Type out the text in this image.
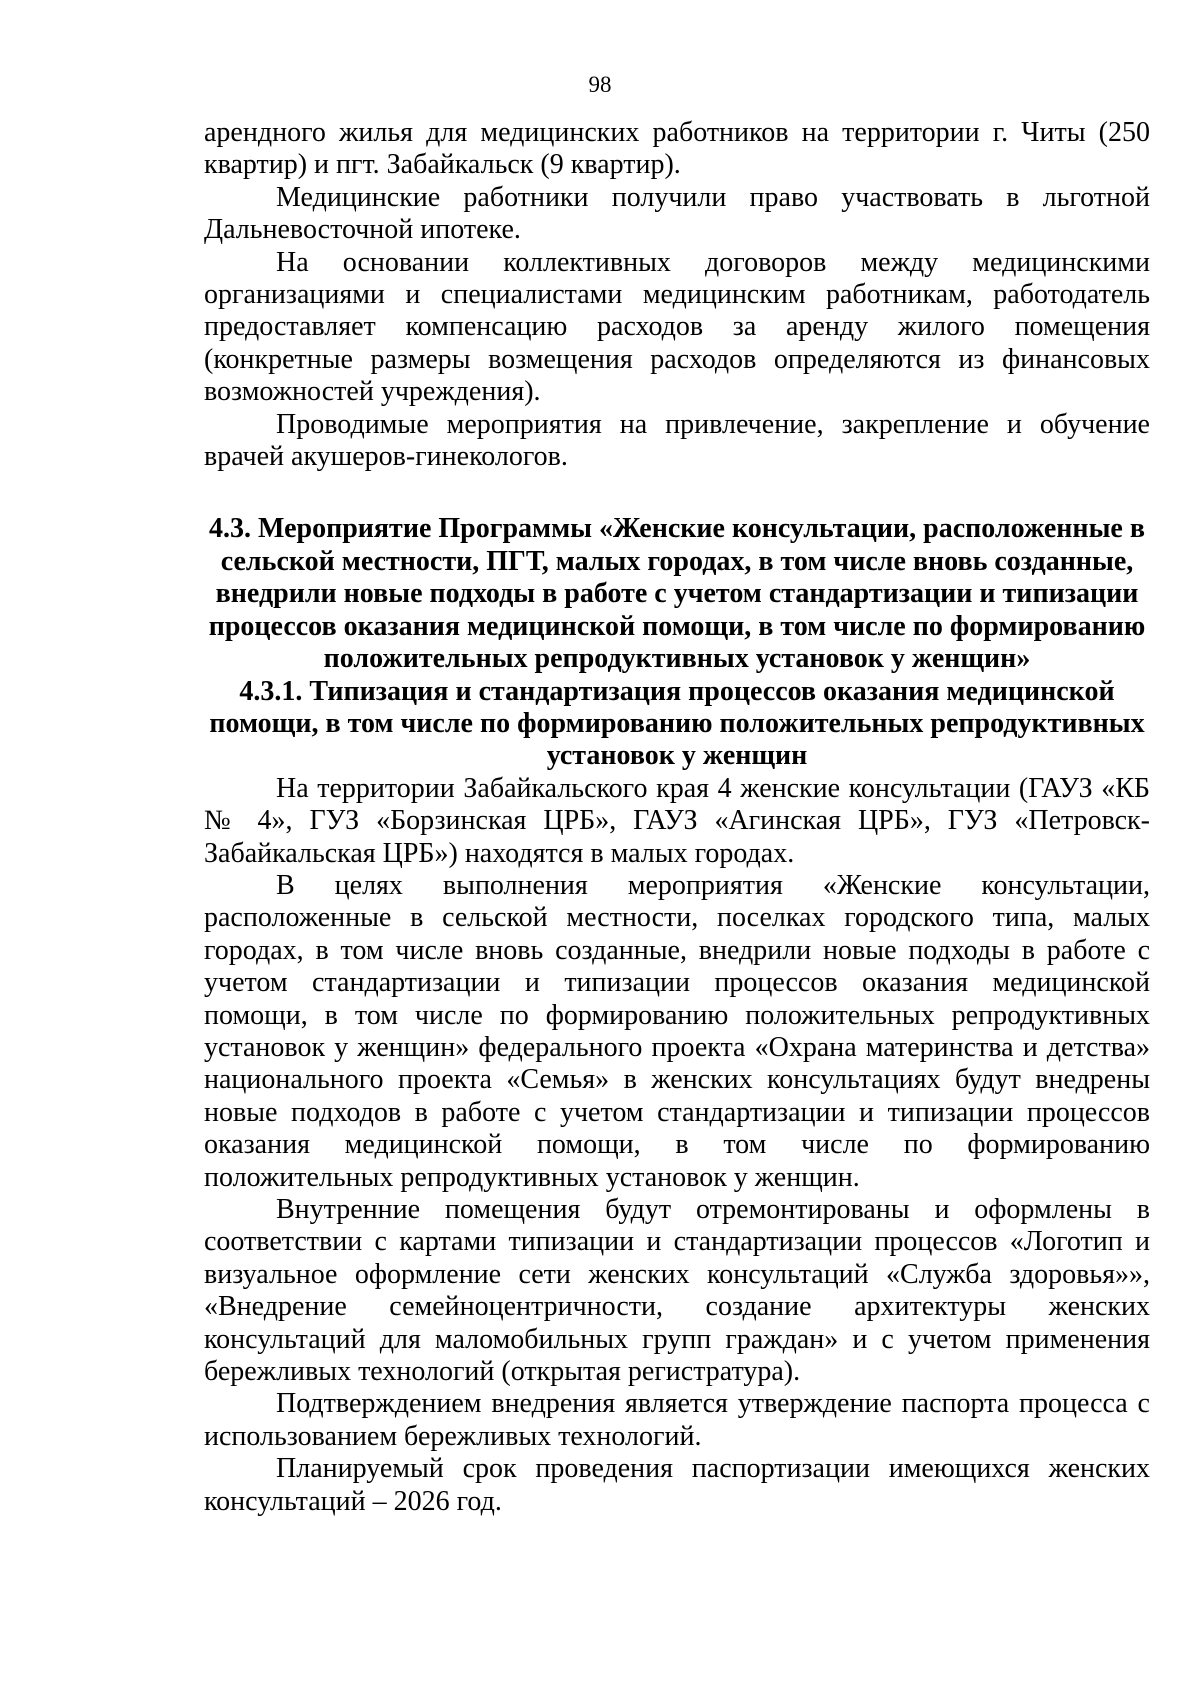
98

арендного жилья для медицинских работников на территории г. Читы (250 квартир) и пгт. Забайкальск (9 квартир).

Медицинские работники получили право участвовать в льготной Дальневосточной ипотеке.

На основании коллективных договоров между медицинскими организациями и специалистами медицинским работникам, работодатель предоставляет компенсацию расходов за аренду жилого помещения (конкретные размеры возмещения расходов определяются из финансовых возможностей учреждения).

Проводимые мероприятия на привлечение, закрепление и обучение врачей акушеров-гинекологов.

4.3. Мероприятие Программы «Женские консультации, расположенные в сельской местности, ПГТ, малых городах, в том числе вновь созданные, внедрили новые подходы в работе с учетом стандартизации и типизации процессов оказания медицинской помощи, в том числе по формированию положительных репродуктивных установок у женщин»
4.3.1. Типизация и стандартизация процессов оказания медицинской помощи, в том числе по формированию положительных репродуктивных установок у женщин

На территории Забайкальского края 4 женские консультации (ГАУЗ «КБ № 4», ГУЗ «Борзинская ЦРБ», ГАУЗ «Агинская ЦРБ», ГУЗ «Петровск-Забайкальская ЦРБ») находятся в малых городах.

В целях выполнения мероприятия «Женские консультации, расположенные в сельской местности, поселках городского типа, малых городах, в том числе вновь созданные, внедрили новые подходы в работе с учетом стандартизации и типизации процессов оказания медицинской помощи, в том числе по формированию положительных репродуктивных установок у женщин» федерального проекта «Охрана материнства и детства» национального проекта «Семья» в женских консультациях будут внедрены новые подходов в работе с учетом стандартизации и типизации процессов оказания медицинской помощи, в том числе по формированию положительных репродуктивных установок у женщин.

Внутренние помещения будут отремонтированы и оформлены в соответствии с картами типизации и стандартизации процессов «Логотип и визуальное оформление сети женских консультаций «Служба здоровья»», «Внедрение семейноцентричности, создание архитектуры женских консультаций для маломобильных групп граждан» и с учетом применения бережливых технологий (открытая регистратура).

Подтверждением внедрения является утверждение паспорта процесса с использованием бережливых технологий.

Планируемый срок проведения паспортизации имеющихся женских консультаций – 2026 год.
